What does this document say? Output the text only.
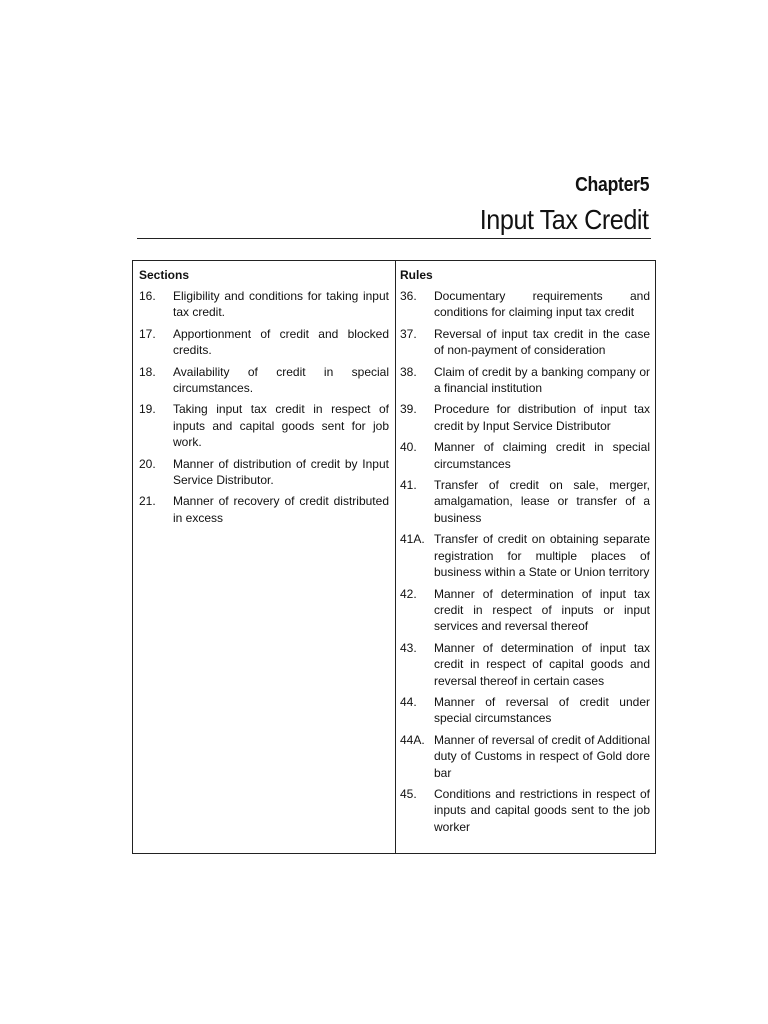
Chapter5
Input Tax Credit
Sections
16.	Eligibility and conditions for taking input tax credit.
17.	Apportionment of credit and blocked credits.
18.	Availability of credit in special circumstances.
19.	Taking input tax credit in respect of inputs and capital goods sent for job work.
20.	Manner of distribution of credit by Input Service Distributor.
21.	Manner of recovery of credit distributed in excess
Rules
36.	Documentary requirements and conditions for claiming input tax credit
37.	Reversal of input tax credit in the case of non-payment of consideration
38.	Claim of credit by a banking company or a financial institution
39.	Procedure for distribution of input tax credit by Input Service Distributor
40.	Manner of claiming credit in special circumstances
41.	Transfer of credit on sale, merger, amalgamation, lease or transfer of a business
41A. Transfer of credit on obtaining separate registration for multiple places of business within a State or Union territory
42.	Manner of determination of input tax credit in respect of inputs or input services and reversal thereof
43.	Manner of determination of input tax credit in respect of capital goods and reversal thereof in certain cases
44.	Manner of reversal of credit under special circumstances
44A. Manner of reversal of credit of Additional duty of Customs in respect of Gold dore bar
45.	Conditions and restrictions in respect of inputs and capital goods sent to the job worker
